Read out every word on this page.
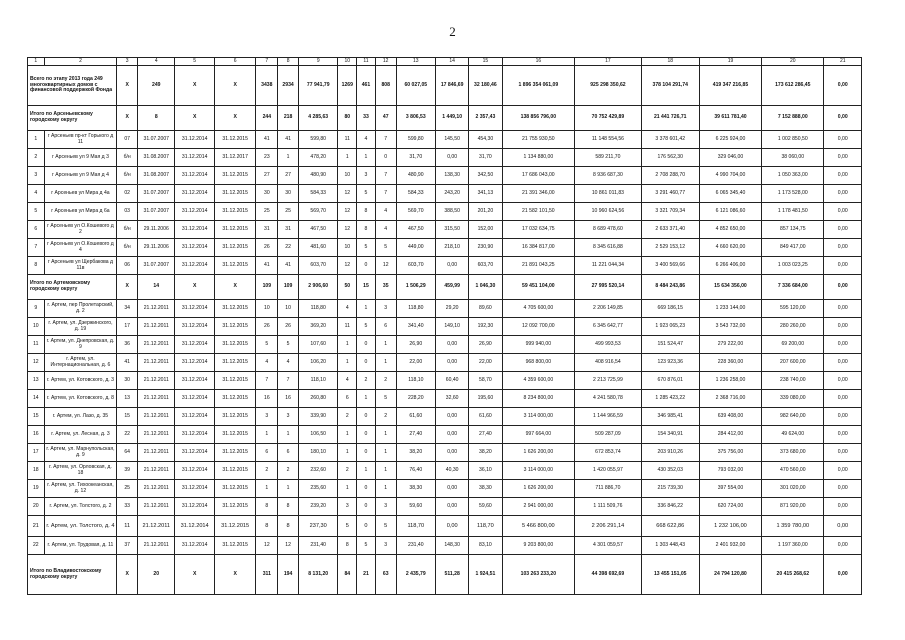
2
1	2	3	4	5	6	7	8	9	10	11	12	13	14	15	16	17	18	19	20	21
Всего по этапу 2013 года 249 многоквартирных домов с финансовой поддержкой Фонда		X	249	X	X	3438	2934	77 941,79	1269	461	808	60 027,05	17 846,69	32 180,46	1 896 354 061,09	925 298 350,62	378 104 291,74	419 347 216,85	173 612 286,45	0,00
Итого по Арсеньевскому городскому округу		X	8	X	X	244	218	4 285,63	80	33	47	3 806,53	1 449,10	2 357,43	138 856 796,00	70 752 429,89	21 441 726,71	39 611 781,40	7 152 888,00	0,00
1	г Арсеньев пр-кт Горького д 11	07	31.07.2007	31.12.2014	31.12.2015	41	41	599,80	11	4	7	599,80	145,50	454,30	21 755 930,50	11 148 554,56	3 378 601,42	6 225 924,00	1 002 850,50	0,00
2	г Арсеньев ул 9 Мая д 3	б/н	31.08.2007	31.12.2014	31.12.2017	23	1	478,20	1	1	0	31,70	0,00	31,70	1 134 880,00	589 211,70	176 562,30	329 046,00	38 060,00	0,00
3	г Арсеньев ул 9 Мая д 4	б/н	31.08.2007	31.12.2014	31.12.2015	27	27	480,90	10	3	7	480,90	138,30	342,50	17 686 043,00	8 936 687,30	2 708 288,70	4 990 704,00	1 050 363,00	0,00
4	г Арсеньев ул Мира д 4а	02	31.07.2007	31.12.2014	31.12.2015	30	30	584,33	12	5	7	584,33	243,20	341,13	21 391 346,00	10 861 011,83	3 291 460,77	6 065 345,40	1 173 528,00	0,00
5	г Арсеньев ул Мира д 6а	03	31.07.2007	31.12.2014	31.12.2015	25	25	569,70	12	8	4	569,70	388,50	201,20	21 582 101,50	10 960 624,56	3 321 709,34	6 121 086,60	1 178 481,50	0,00
6	г Арсеньев ул О.Кошевого д 2	б/н	29.11.2006	31.12.2014	31.12.2015	31	31	467,50	12	8	4	467,50	315,50	152,00	17 032 634,75	8 689 478,60	2 633 371,40	4 852 650,00	857 134,75	0,00
7	г Арсеньев ул О.Кошевого д 4	б/н	29.11.2006	31.12.2014	31.12.2015	26	22	481,60	10	5	5	449,00	218,10	230,90	16 384 817,00	8 345 616,88	2 529 153,12	4 660 620,00	849 417,00	0,00
8	г Арсеньев ул Щербакова д 11в	06	31.07.2007	31.12.2014	31.12.2015	41	41	603,70	12	0	12	603,70	0,00	603,70	21 891 043,25	11 221 044,34	3 400 569,66	6 266 406,00	1 003 023,25	0,00
Итого по Артемовскому городскому округу		X	14	X	X	109	109	2 906,60	50	15	35	1 506,29	459,99	1 046,30	59 451 104,00	27 995 520,14	8 484 243,86	15 634 356,00	7 336 684,00	0,00
9	г. Артем, пер Пролетарский, д. 2	34	21.12.2011	31.12.2014	31.12.2015	10	10	118,80	4	1	3	118,80	29,20	89,60	4 705 600,00	2 206 149,85	669 186,15	1 233 144,00	595 120,00	0,00
10	г. Артем, ул. Дзержинского, д. 19	17	21.12.2011	31.12.2014	31.12.2015	26	26	369,20	11	5	6	341,40	149,10	192,30	12 092 700,00	6 345 642,77	1 923 065,23	3 543 732,00	280 260,00	0,00
11	г. Артем, ул. Днепровская, д. 9	36	21.12.2011	31.12.2014	31.12.2015	5	5	107,60	1	0	1	26,90	0,00	26,90	999 940,00	499 993,53	151 524,47	279 222,00	69 200,00	0,00
12	г. Артем, ул. Интернациональная, д. 6	41	21.12.2011	31.12.2014	31.12.2015	4	4	106,20	1	0	1	22,00	0,00	22,00	968 800,00	408 916,54	123 923,36	228 360,00	207 600,00	0,00
13	г. Артем, ул. Котовского, д. 3	30	21.12.2011	31.12.2014	31.12.2015	7	7	118,10	4	2	2	118,10	60,40	58,70	4 359 600,00	2 213 725,99	670 876,01	1 236 258,00	238 740,00	0,00
14	г. Артем, ул. Котовского, д. 8	13	21.12.2011	31.12.2014	31.12.2015	16	16	260,80	6	1	5	228,20	32,60	195,60	8 234 800,00	4 241 580,78	1 285 423,22	2 368 716,00	339 080,00	0,00
15	г. Артем, ул. Лазо, д. 35	15	21.12.2011	31.12.2014	31.12.2015	3	3	339,90	2	0	2	61,60	0,00	61,60	3 114 000,00	1 144 966,59	346 985,41	639 408,00	982 640,00	0,00
16	г. Артем, ул. Лесная, д. 3	22	21.12.2011	31.12.2014	31.12.2015	1	1	106,50	1	0	1	27,40	0,00	27,40	997 664,00	509 287,09	154 340,91	284 412,00	49 624,00	0,00
17	г. Артем, ул. Марнупольская, д. 9	64	21.12.2011	31.12.2014	31.12.2015	6	6	180,10	1	0	1	38,20	0,00	38,20	1 626 200,00	672 853,74	203 910,26	375 756,00	373 680,00	0,00
18	г. Артем, ул. Орловская, д. 18	39	21.12.2011	31.12.2014	31.12.2015	2	2	232,60	2	1	1	76,40	40,30	36,10	3 114 000,00	1 420 055,97	430 352,03	793 032,00	470 560,00	0,00
19	г. Артем, ул. Тихоокеанская, д. 12	25	21.12.2011	31.12.2014	31.12.2015	1	1	235,60	1	0	1	38,30	0,00	38,30	1 626 200,00	711 886,70	215 739,30	397 554,00	301 020,00	0,00
20	г. Артем, ул. Толстого, д. 2	33	21.12.2011	31.12.2014	31.12.2015	8	8	239,20	3	0	3	59,60	0,00	59,60	2 941 000,00	1 111 509,76	336 846,22	620 724,00	871 920,00	0,00
21	г. Артем, ул. Толстого, д. 4	11	21.12.2011	31.12.2014	31.12.2015	8	8	237,30	5	0	5	118,70	0,00	118,70	5 466 800,00	2 206 291,14	668 622,86	1 232 106,00	1 359 780,00	0,00
22	г. Артем, ул. Трудовая, д. 11	37	21.12.2011	31.12.2014	31.12.2015	12	12	231,40	8	5	3	231,40	148,30	83,10	9 203 800,00	4 301 059,57	1 303 448,43	2 401 932,00	1 197 360,00	0,00
Итого по Владивостокскому городскому округу		X	20	X	X	311	194	8 131,20	84	21	63	2 435,79	511,28	1 924,51	103 263 233,20	44 398 692,69	13 455 151,05	24 794 120,80	20 415 268,62	0,00
